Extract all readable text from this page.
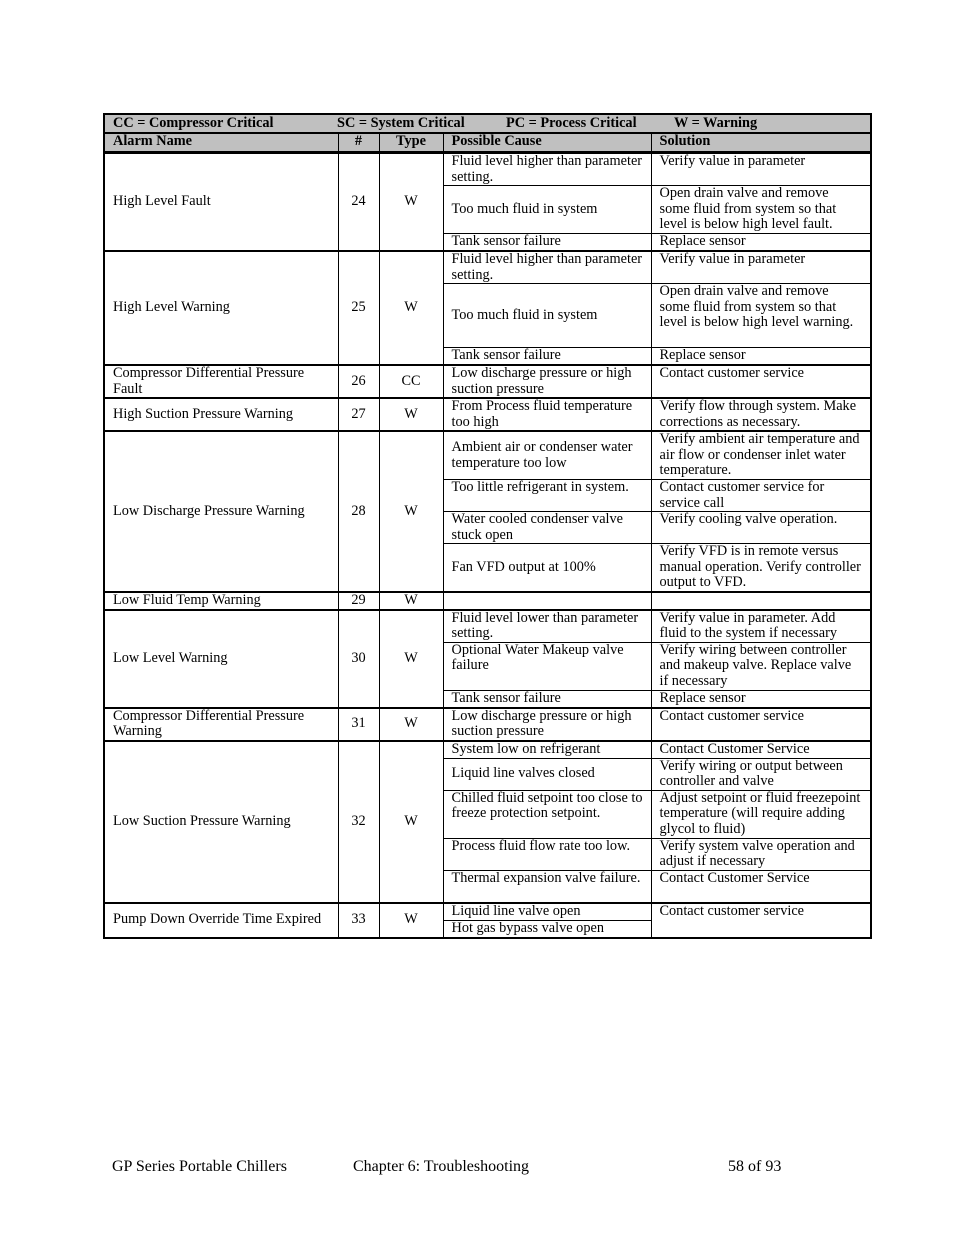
CC = Compressor Critical SC = System Critical PC = Process Critical W = Warning				
Alarm Name	#	Type	Possible Cause	Solution
High Level Fault	24	W	Fluid level higher than parameter setting.	Verify value in parameter
			Too much fluid in system	Open drain valve and remove some fluid from system so that level is below high level fault.
			Tank sensor failure	Replace sensor
High Level Warning	25	W	Fluid level higher than parameter setting.	Verify value in parameter
			Too much fluid in system	Open drain valve and remove some fluid from system so that level is below high level warning.
			Tank sensor failure	Replace sensor
Compressor Differential Pressure Fault	26	CC	Low discharge pressure or high suction pressure	Contact customer service
High Suction Pressure Warning	27	W	From Process fluid temperature too high	Verify flow through system. Make corrections as necessary.
Low Discharge Pressure Warning	28	W	Ambient air or condenser water temperature too low	Verify ambient air temperature and air flow or condenser inlet water temperature.
			Too little refrigerant in system.	Contact customer service for service call
			Water cooled condenser valve stuck open	Verify cooling valve operation.
			Fan VFD output at 100%	Verify VFD is in remote versus manual operation. Verify controller output to VFD.
Low Fluid Temp Warning	29	W		
Low Level Warning	30	W	Fluid level lower than parameter setting.	Verify value in parameter. Add fluid to the system if necessary
			Optional Water Makeup valve failure	Verify wiring between controller and makeup valve. Replace valve if necessary
			Tank sensor failure	Replace sensor
Compressor Differential Pressure Warning	31	W	Low discharge pressure or high suction pressure	Contact customer service
Low Suction Pressure Warning	32	W	System low on refrigerant	Contact Customer Service
			Liquid line valves closed	Verify wiring or output between controller and valve
			Chilled fluid setpoint too close to freeze protection setpoint.	Adjust setpoint or fluid freezepoint temperature (will require adding glycol to fluid)
			Process fluid flow rate too low.	Verify system valve operation and adjust if necessary
			Thermal expansion valve failure.	Contact Customer Service
Pump Down Override Time Expired	33	W	Liquid line valve open	Contact customer service
			Hot gas bypass valve open	
GP Series Portable Chillers	Chapter 6: Troubleshooting	58 of 93
